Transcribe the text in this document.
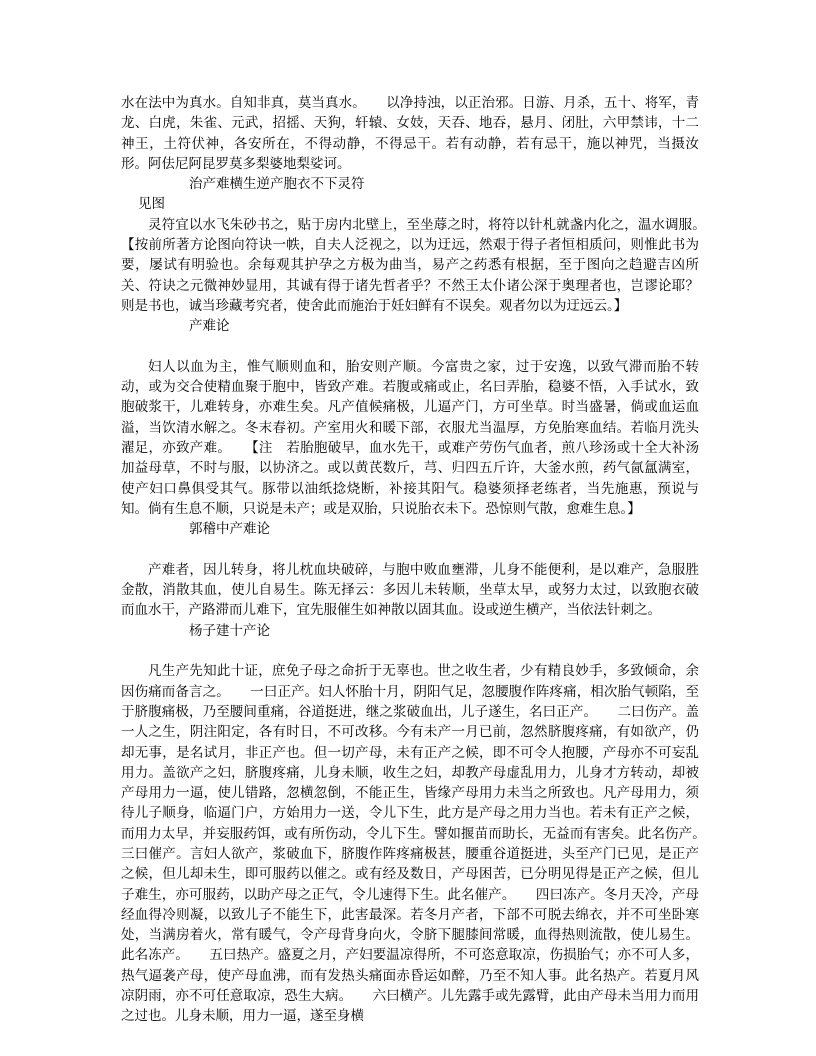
水在法中为真水。自知非真，莫当真水。　　以净持浊，以正治邪。日游、月杀，五十、将军，青龙、白虎，朱雀、元武，招摇、天狗，轩辕、女妓，天吞、地吞，悬月、闭肚，六甲禁讳，十二神王，土符伏神，各安所在，不得动静，不得忌干。若有动静，若有忌干，施以神咒，当摄汝形。阿佉尼阿昆罗莫多梨婆地梨娑诃。

治产难横生逆产胞衣不下灵符

见图

灵符宜以水飞朱砂书之，贴于房内北壁上，至坐蓐之时，将符以针札就盏内化之，温水调服。　　【按前所著方论图向符诀一帙，自夫人泛视之，以为迂远，然艰于得子者恒相质问，则惟此书为要，屡试有明验也。余每观其护孕之方极为曲当，易产之药悉有根据，至于图向之趋避吉凶所关、符诀之元微神妙显用，其诚有得于诸先哲者乎？不然王太仆诸公深于奥理者也，岂谬论耶？则是书也，诚当珍藏考究者，使舍此而施治于妊妇鲜有不误矣。观者勿以为迂远云。】

产难论

妇人以血为主，惟气顺则血和，胎安则产顺。今富贵之家，过于安逸，以致气滞而胎不转动，或为交合使精血聚于胞中，皆致产难。若腹或痛或止，名曰弄胎，稳婆不悟，入手试水，致胞破浆干，儿难转身，亦难生矣。凡产值候痛极，儿逼产门，方可坐草。时当盛暑，倘或血运血溢，当饮清水解之。冬末春初。产室用火和暖下部，衣服尤当温厚，方免胎寒血结。若临月洗头濯足，亦致产难。　　【注　若胎胞破早，血水先干，或难产劳伤气血者，煎八珍汤或十全大补汤加益母草，不时与服，以协济之。或以黄芪数斤，芎、归四五斤许，大釜水煎，药气氤氲满室，使产妇口鼻俱受其气。豚带以油纸捻烧断，补接其阳气。稳婆须择老练者，当先施惠，预说与知。倘有生息不顺，只说是未产；或是双胎，只说胎衣未下。恐惊则气散，愈难生息。】

郭稽中产难论

产难者，因儿转身，将儿枕血块破碎，与胞中败血壅滞，儿身不能便利，是以难产，急服胜金散，消散其血，使儿自易生。陈无择云：多因儿未转顺，坐草太早，或努力太过，以致胞衣破而血水干，产路滞而儿难下，宜先服催生如神散以固其血。设或逆生横产，当依法针刺之。

杨子建十产论

凡生产先知此十证，庶免子母之命折于无辜也。世之收生者，少有精良妙手，多致倾命，余因伤痛而备言之。　　一曰正产。妇人怀胎十月，阴阳气足，忽腰腹作阵疼痛，相次胎气顿陷，至于脐腹痛极，乃至腰间重痛，谷道挺进，继之浆破血出，儿子遂生，名曰正产。　　二曰伤产。盖一人之生，阴注阳定，各有时日，不可改移。今有未产一月已前，忽然脐腹疼痛，有如欲产，仍却无事，是名试月，非正产也。但一切产母，未有正产之候，即不可令人抱腰，产母亦不可妄乱用力。盖欲产之妇，脐腹疼痛，儿身未顺，收生之妇，却教产母虚乱用力，儿身才方转动，却被产母用力一逼，使儿错路，忽横忽倒，不能正生，皆缘产母用力未当之所致也。凡产母用力，须待儿子顺身，临逼门户，方始用力一送，令儿下生，此方是产母之用力当也。若未有正产之候，而用力太早，并妄服药饵，或有所伤动，令儿下生。譬如揠苗而助长，无益而有害矣。此名伤产。　　三曰催产。言妇人欲产，浆破血下，脐腹作阵疼痛极甚，腰重谷道挺进，头至产门已见，是正产之候，但儿却未生，即可服药以催之。或有经及数日，产母困苦，已分明见得是正产之候，但儿子难生，亦可服药，以助产母之正气，令儿速得下生。此名催产。　　四曰冻产。冬月天冷，产母经血得冷则凝，以致儿子不能生下，此害最深。若冬月产者，下部不可脱去绵衣，并不可坐卧寒处，当满房着火，常有暖气，令产母背身向火，令脐下腿膝间常暖，血得热则流散，使儿易生。此名冻产。　　五曰热产。盛夏之月，产妇要温凉得所，不可恣意取凉，伤损胎气；亦不可人多，热气逼袭产母，使产母血沸，而有发热头痛面赤昏运如醉，乃至不知人事。此名热产。若夏月风凉阴雨，亦不可任意取凉，恐生大病。　　六曰横产。儿先露手或先露臂，此由产母未当用力而用之过也。儿身未顺，用力一逼，遂至身横
